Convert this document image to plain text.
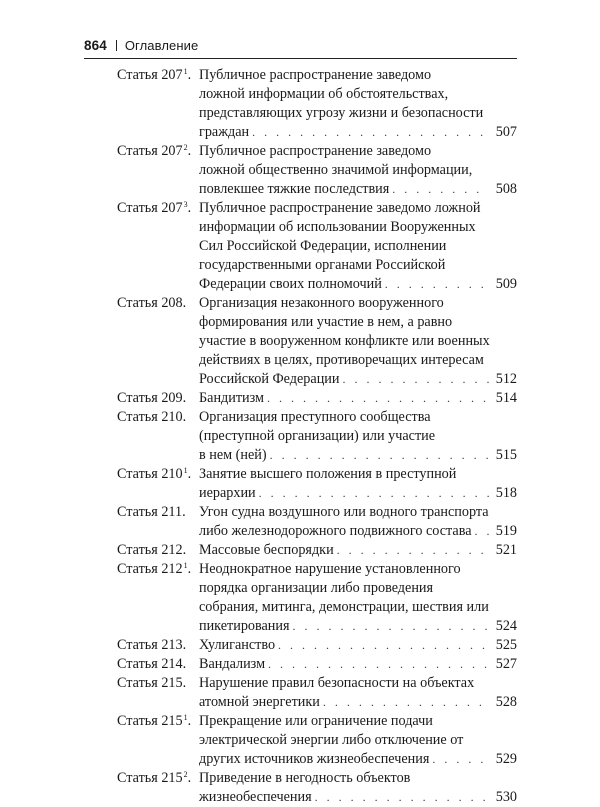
864 Оглавление
Статья $207^1$. Публичное распространение заведомо
ложной информации об обстоятельствах,
представляющих угрозу жизни и безопасности
граждан . . .	507
Статья $207^2$. Публичное распространение заведомо
ложной общественно значимой информации,
повлекшее тяжкие последствия . . .	508
Статья $207^3$. Публичное распространение заведомо ложной
информации об использовании Вооруженных
Сил Российской Федерации, исполнении
государственными органами Российской
Федерации своих полномочий . . .	509
Статья 208. Организация незаконного вооруженного
формирования или участие в нем, а равно
участие в вооруженном конфликте или военных
действиях в целях, противоречащих интересам
Российской Федерации . . .	512
Статья 209. Бандитизм . . .	514
Статья 210. Организация преступного сообщества
(преступной организации) или участие
в нем (ней) . . .	515
Статья $210^1$. Занятие высшего положения в преступной
иерархии . . .	518
Статья 211. Угон судна воздушного или водного транспорта
либо железнодорожного подвижного состава . . . 519
Статья 212. Массовые беспорядки . . .	521
Статья $212^1$. Неоднократное нарушение установленного
порядка организации либо проведения
собрания, митинга, демонстрации, шествия или
пикетирования . . .	524
Статья 213. Хулиганство . . .	525
Статья 214. Вандализм . . .	527
Статья 215. Нарушение правил безопасности на объектах
атомной энергетики . . .	528
Статья $215^1$. Прекращение или ограничение подачи
электрической энергии либо отключение от
других источников жизнеобеспечения . . .	529
Статья $215^2$. Приведение в негодность объектов
жизнеобеспечения . . .	530
